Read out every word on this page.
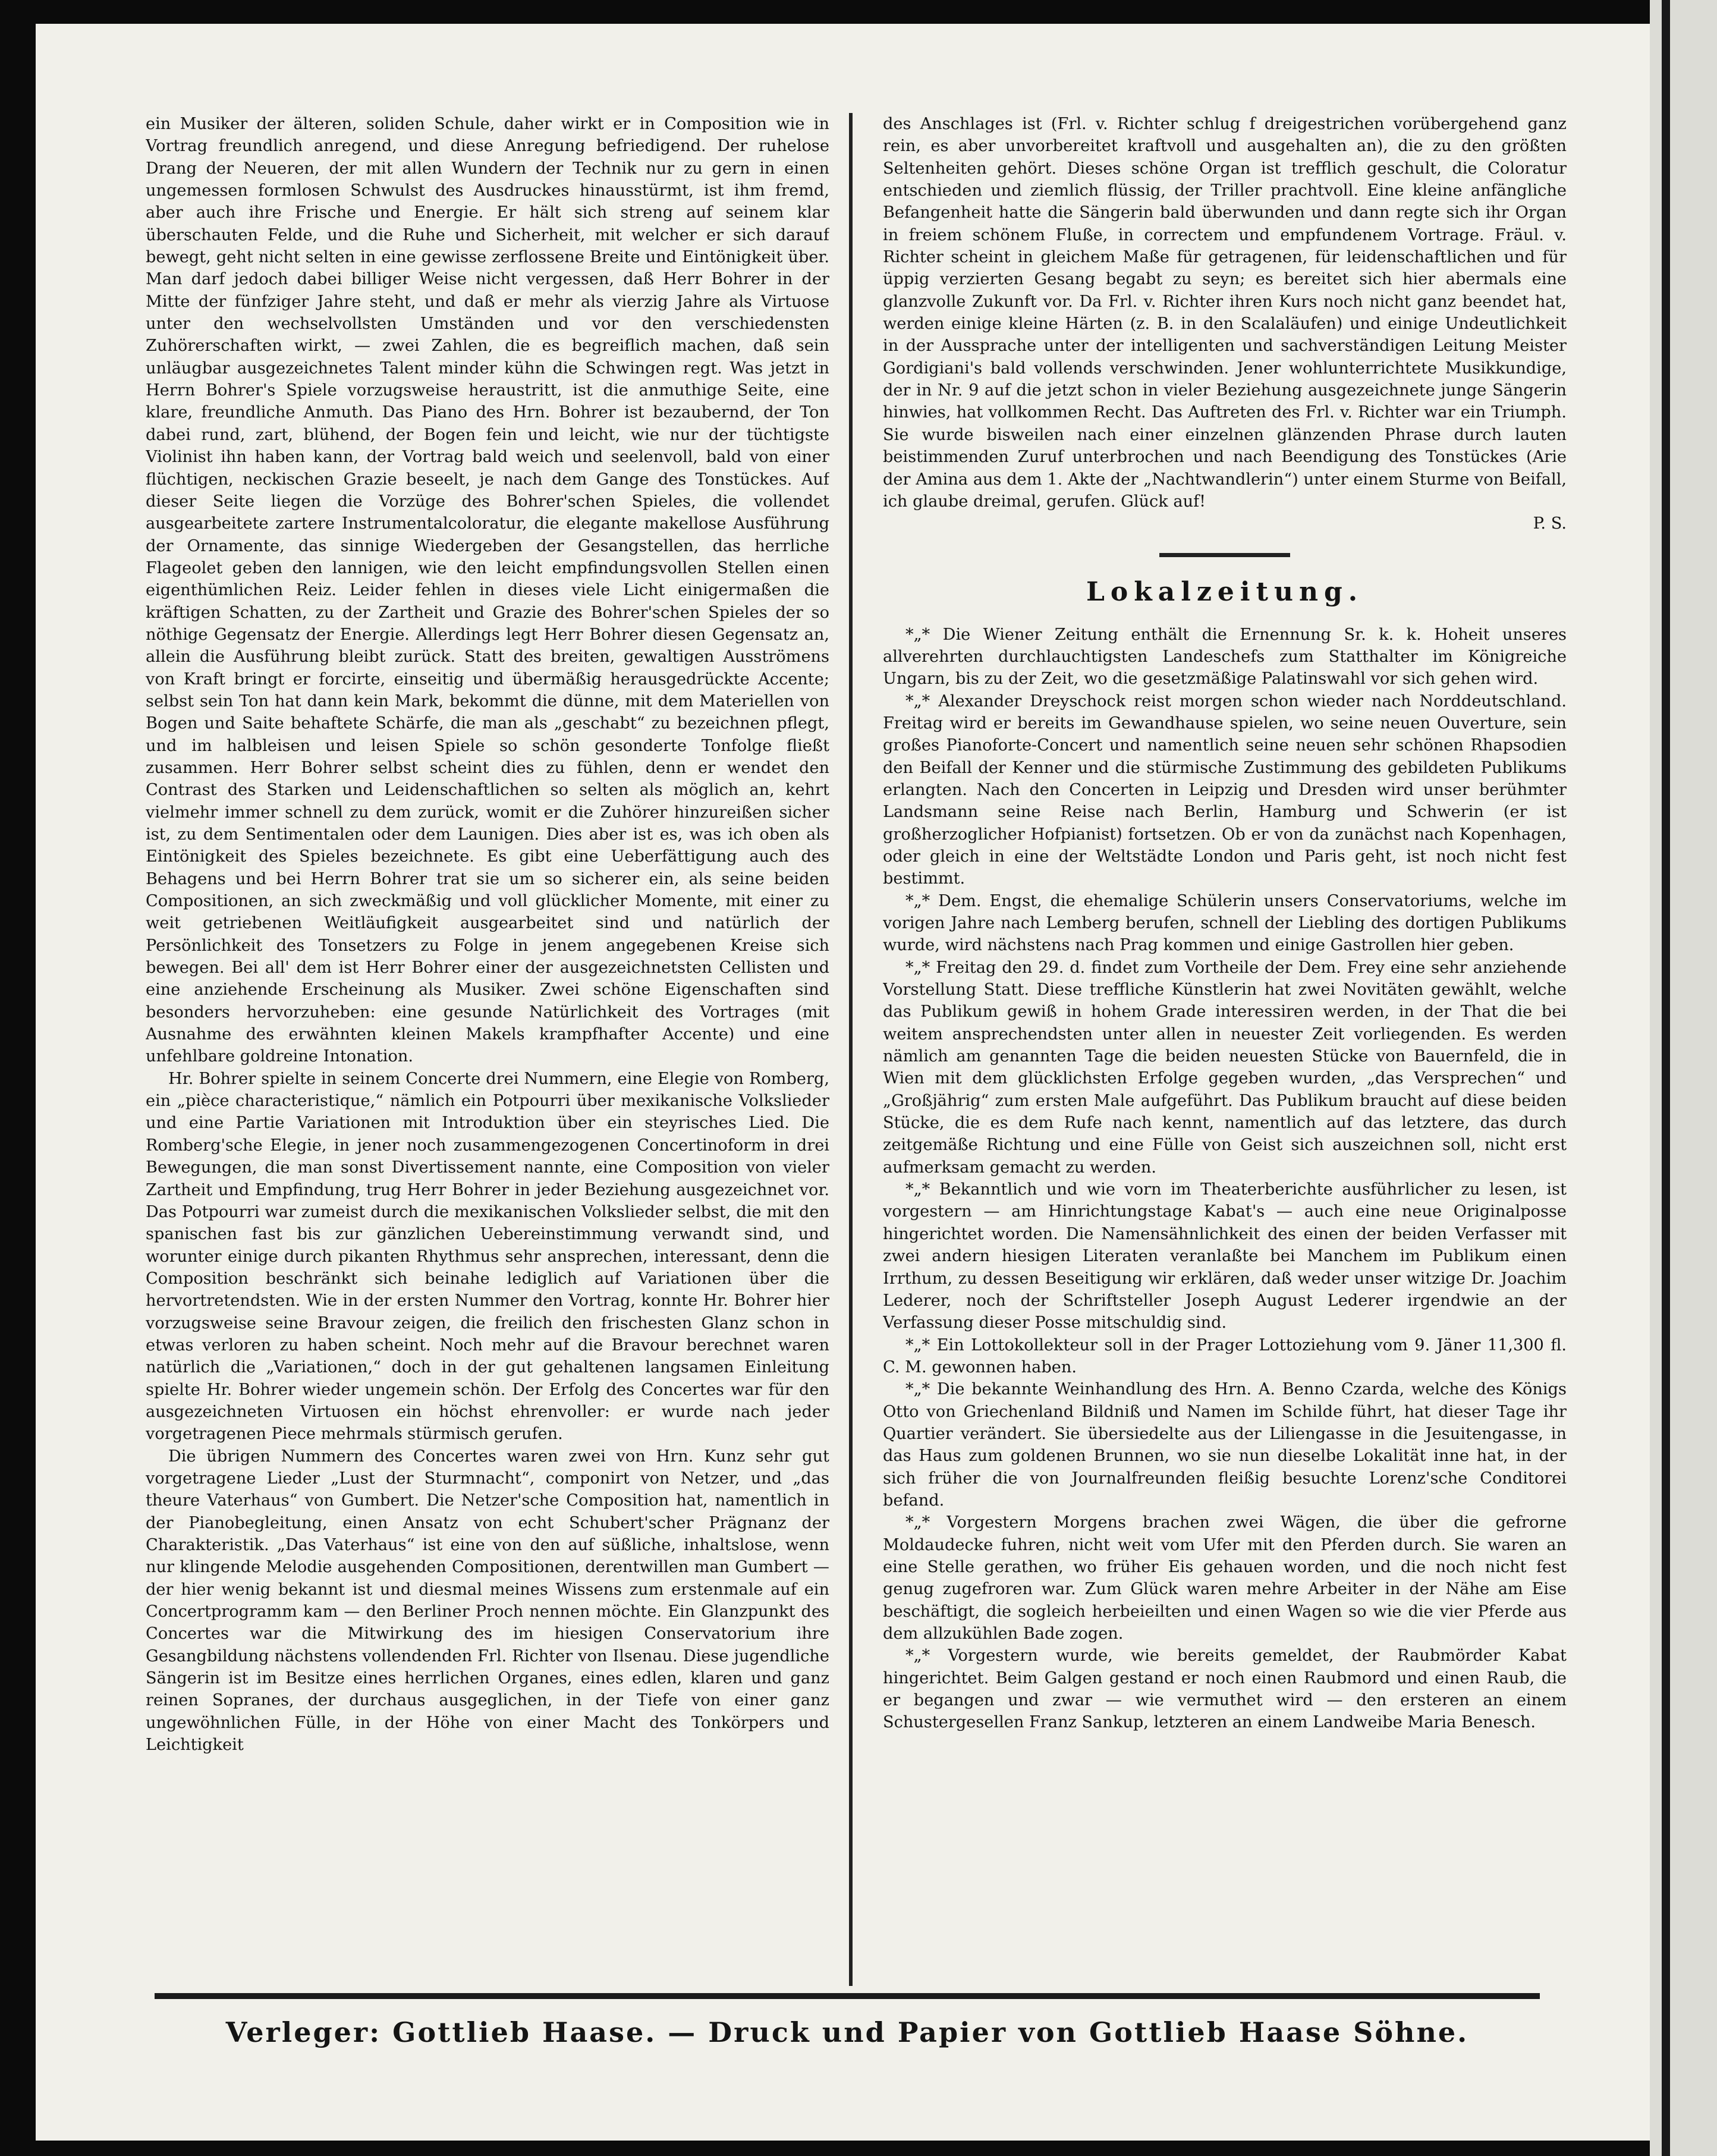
ein Musiker der älteren, soliden Schule, daher wirkt er in Composition wie in Vortrag freundlich anregend, und diese Anregung befriedigend. Der ruhelose Drang der Neueren, der mit allen Wundern der Technik nur zu gern in einen ungemessen formlosen Schwulst des Ausdruckes hinausstürmt, ist ihm fremd, aber auch ihre Frische und Energie. Er hält sich streng auf seinem klar überschauten Felde, und die Ruhe und Sicherheit, mit welcher er sich darauf bewegt, geht nicht selten in eine gewisse zerflossene Breite und Eintönigkeit über. Man darf jedoch dabei billiger Weise nicht vergessen, daß Herr Bohrer in der Mitte der fünfziger Jahre steht, und daß er mehr als vierzig Jahre als Virtuose unter den wechselvollsten Umständen und vor den verschiedensten Zuhörerschaften wirkt, — zwei Zahlen, die es begreiflich machen, daß sein unläugbar ausgezeichnetes Talent minder kühn die Schwingen regt. Was jetzt in Herrn Bohrer's Spiele vorzugsweise heraustritt, ist die anmuthige Seite, eine klare, freundliche Anmuth. Das Piano des Hrn. Bohrer ist bezaubernd, der Ton dabei rund, zart, blühend, der Bogen fein und leicht, wie nur der tüchtigste Violinist ihn haben kann, der Vortrag bald weich und seelenvoll, bald von einer flüchtigen, neckischen Grazie beseelt, je nach dem Gange des Tonstückes. Auf dieser Seite liegen die Vorzüge des Bohrer'schen Spieles, die vollendet ausgearbeitete zartere Instrumentalcoloratur, die elegante makellose Ausführung der Ornamente, das sinnige Wiedergeben der Gesangstellen, das herrliche Flageolet geben den lannigen, wie den leicht empfindungsvollen Stellen einen eigenthümlichen Reiz. Leider fehlen in dieses viele Licht einigermaßen die kräftigen Schatten, zu der Zartheit und Grazie des Bohrer'schen Spieles der so nöthige Gegensatz der Energie. Allerdings legt Herr Bohrer diesen Gegensatz an, allein die Ausführung bleibt zurück. Statt des breiten, gewaltigen Ausströmens von Kraft bringt er forcirte, einseitig und übermäßig herausgedrückte Accente; selbst sein Ton hat dann kein Mark, bekommt die dünne, mit dem Materiellen von Bogen und Saite behaftete Schärfe, die man als „geschabt“ zu bezeichnen pflegt, und im halbleisen und leisen Spiele so schön gesonderte Tonfolge fließt zusammen. Herr Bohrer selbst scheint dies zu fühlen, denn er wendet den Contrast des Starken und Leidenschaftlichen so selten als möglich an, kehrt vielmehr immer schnell zu dem zurück, womit er die Zuhörer hinzureißen sicher ist, zu dem Sentimentalen oder dem Launigen. Dies aber ist es, was ich oben als Eintönigkeit des Spieles bezeichnete. Es gibt eine Ueberfättigung auch des Behagens und bei Herrn Bohrer trat sie um so sicherer ein, als seine beiden Compositionen, an sich zweckmäßig und voll glücklicher Momente, mit einer zu weit getriebenen Weitläufigkeit ausgearbeitet sind und natürlich der Persönlichkeit des Tonsetzers zu Folge in jenem angegebenen Kreise sich bewegen. Bei all' dem ist Herr Bohrer einer der ausgezeichnetsten Cellisten und eine anziehende Erscheinung als Musiker. Zwei schöne Eigenschaften sind besonders hervorzuheben: eine gesunde Natürlichkeit des Vortrages (mit Ausnahme des erwähnten kleinen Makels krampfhafter Accente) und eine unfehlbare goldreine Intonation.

Hr. Bohrer spielte in seinem Concerte drei Nummern, eine Elegie von Romberg, ein „pièce characteristique,“ nämlich ein Potpourri über mexikanische Volkslieder und eine Partie Variationen mit Introduktion über ein steyrisches Lied. Die Romberg'sche Elegie, in jener noch zusammengezogenen Concertinoform in drei Bewegungen, die man sonst Divertissement nannte, eine Composition von vieler Zartheit und Empfindung, trug Herr Bohrer in jeder Beziehung ausgezeichnet vor. Das Potpourri war zumeist durch die mexikanischen Volkslieder selbst, die mit den spanischen fast bis zur gänzlichen Uebereinstimmung verwandt sind, und worunter einige durch pikanten Rhythmus sehr ansprechen, interessant, denn die Composition beschränkt sich beinahe lediglich auf Variationen über die hervortretendsten. Wie in der ersten Nummer den Vortrag, konnte Hr. Bohrer hier vorzugsweise seine Bravour zeigen, die freilich den frischesten Glanz schon in etwas verloren zu haben scheint. Noch mehr auf die Bravour berechnet waren natürlich die „Variationen,“ doch in der gut gehaltenen langsamen Einleitung spielte Hr. Bohrer wieder ungemein schön. Der Erfolg des Concertes war für den ausgezeichneten Virtuosen ein höchst ehrenvoller: er wurde nach jeder vorgetragenen Piece mehrmals stürmisch gerufen.

Die übrigen Nummern des Concertes waren zwei von Hrn. Kunz sehr gut vorgetragene Lieder „Lust der Sturmnacht“, componirt von Netzer, und „das theure Vaterhaus“ von Gumbert. Die Netzer'sche Composition hat, namentlich in der Pianobegleitung, einen Ansatz von echt Schubert'scher Prägnanz der Charakteristik. „Das Vaterhaus“ ist eine von den auf süßliche, inhaltslose, wenn nur klingende Melodie ausgehenden Compositionen, derentwillen man Gumbert — der hier wenig bekannt ist und diesmal meines Wissens zum erstenmale auf ein Concertprogramm kam — den Berliner Proch nennen möchte. Ein Glanzpunkt des Concertes war die Mitwirkung des im hiesigen Conservatorium ihre Gesangbildung nächstens vollendenden Frl. Richter von Ilsenau. Diese jugendliche Sängerin ist im Besitze eines herrlichen Organes, eines edlen, klaren und ganz reinen Sopranes, der durchaus ausgeglichen, in der Tiefe von einer ganz ungewöhnlichen Fülle, in der Höhe von einer Macht des Tonkörpers und Leichtigkeit

des Anschlages ist (Frl. v. Richter schlug f dreigestrichen vorübergehend ganz rein, es aber unvorbereitet kraftvoll und ausgehalten an), die zu den größten Seltenheiten gehört. Dieses schöne Organ ist trefflich geschult, die Coloratur entschieden und ziemlich flüssig, der Triller prachtvoll. Eine kleine anfängliche Befangenheit hatte die Sängerin bald überwunden und dann regte sich ihr Organ in freiem schönem Fluße, in correctem und empfundenem Vortrage. Fräul. v. Richter scheint in gleichem Maße für getragenen, für leidenschaftlichen und für üppig verzierten Gesang begabt zu seyn; es bereitet sich hier abermals eine glanzvolle Zukunft vor. Da Frl. v. Richter ihren Kurs noch nicht ganz beendet hat, werden einige kleine Härten (z. B. in den Scalaläufen) und einige Undeutlichkeit in der Aussprache unter der intelligenten und sachverständigen Leitung Meister Gordigiani's bald vollends verschwinden. Jener wohlunterrichtete Musikkundige, der in Nr. 9 auf die jetzt schon in vieler Beziehung ausgezeichnete junge Sängerin hinwies, hat vollkommen Recht. Das Auftreten des Frl. v. Richter war ein Triumph. Sie wurde bisweilen nach einer einzelnen glänzenden Phrase durch lauten beistimmenden Zuruf unterbrochen und nach Beendigung des Tonstückes (Arie der Amina aus dem 1. Akte der „Nachtwandlerin“) unter einem Sturme von Beifall, ich glaube dreimal, gerufen. Glück auf!

P. S.

Lokalzeitung.

*„* Die Wiener Zeitung enthält die Ernennung Sr. k. k. Hoheit unseres allverehrten durchlauchtigsten Landeschefs zum Statthalter im Königreiche Ungarn, bis zu der Zeit, wo die gesetzmäßige Palatinswahl vor sich gehen wird.

*„* Alexander Dreyschock reist morgen schon wieder nach Norddeutschland. Freitag wird er bereits im Gewandhause spielen, wo seine neuen Ouverture, sein großes Pianoforte-Concert und namentlich seine neuen sehr schönen Rhapsodien den Beifall der Kenner und die stürmische Zustimmung des gebildeten Publikums erlangten. Nach den Concerten in Leipzig und Dresden wird unser berühmter Landsmann seine Reise nach Berlin, Hamburg und Schwerin (er ist großherzoglicher Hofpianist) fortsetzen. Ob er von da zunächst nach Kopenhagen, oder gleich in eine der Weltstädte London und Paris geht, ist noch nicht fest bestimmt.

*„* Dem. Engst, die ehemalige Schülerin unsers Conservatoriums, welche im vorigen Jahre nach Lemberg berufen, schnell der Liebling des dortigen Publikums wurde, wird nächstens nach Prag kommen und einige Gastrollen hier geben.

*„* Freitag den 29. d. findet zum Vortheile der Dem. Frey eine sehr anziehende Vorstellung Statt. Diese treffliche Künstlerin hat zwei Novitäten gewählt, welche das Publikum gewiß in hohem Grade interessiren werden, in der That die bei weitem ansprechendsten unter allen in neuester Zeit vorliegenden. Es werden nämlich am genannten Tage die beiden neuesten Stücke von Bauernfeld, die in Wien mit dem glücklichsten Erfolge gegeben wurden, „das Versprechen“ und „Großjährig“ zum ersten Male aufgeführt. Das Publikum braucht auf diese beiden Stücke, die es dem Rufe nach kennt, namentlich auf das letztere, das durch zeitgemäße Richtung und eine Fülle von Geist sich auszeichnen soll, nicht erst aufmerksam gemacht zu werden.

*„* Bekanntlich und wie vorn im Theaterberichte ausführlicher zu lesen, ist vorgestern — am Hinrichtungstage Kabat's — auch eine neue Originalposse hingerichtet worden. Die Namensähnlichkeit des einen der beiden Verfasser mit zwei andern hiesigen Literaten veranlaßte bei Manchem im Publikum einen Irrthum, zu dessen Beseitigung wir erklären, daß weder unser witzige Dr. Joachim Lederer, noch der Schriftsteller Joseph August Lederer irgendwie an der Verfassung dieser Posse mitschuldig sind.

*„* Ein Lottokollekteur soll in der Prager Lottoziehung vom 9. Jäner 11,300 fl. C. M. gewonnen haben.

*„* Die bekannte Weinhandlung des Hrn. A. Benno Czarda, welche des Königs Otto von Griechenland Bildniß und Namen im Schilde führt, hat dieser Tage ihr Quartier verändert. Sie übersiedelte aus der Liliengasse in die Jesuitengasse, in das Haus zum goldenen Brunnen, wo sie nun dieselbe Lokalität inne hat, in der sich früher die von Journalfreunden fleißig besuchte Lorenz'sche Conditorei befand.

*„* Vorgestern Morgens brachen zwei Wägen, die über die gefrorne Moldaudecke fuhren, nicht weit vom Ufer mit den Pferden durch. Sie waren an eine Stelle gerathen, wo früher Eis gehauen worden, und die noch nicht fest genug zugefroren war. Zum Glück waren mehre Arbeiter in der Nähe am Eise beschäftigt, die sogleich herbeieilten und einen Wagen so wie die vier Pferde aus dem allzukühlen Bade zogen.

*„* Vorgestern wurde, wie bereits gemeldet, der Raubmörder Kabat hingerichtet. Beim Galgen gestand er noch einen Raubmord und einen Raub, die er begangen und zwar — wie vermuthet wird — den ersteren an einem Schustergesellen Franz Sankup, letzteren an einem Landweibe Maria Benesch.

Verleger: Gottlieb Haase. — Druck und Papier von Gottlieb Haase Söhne.
